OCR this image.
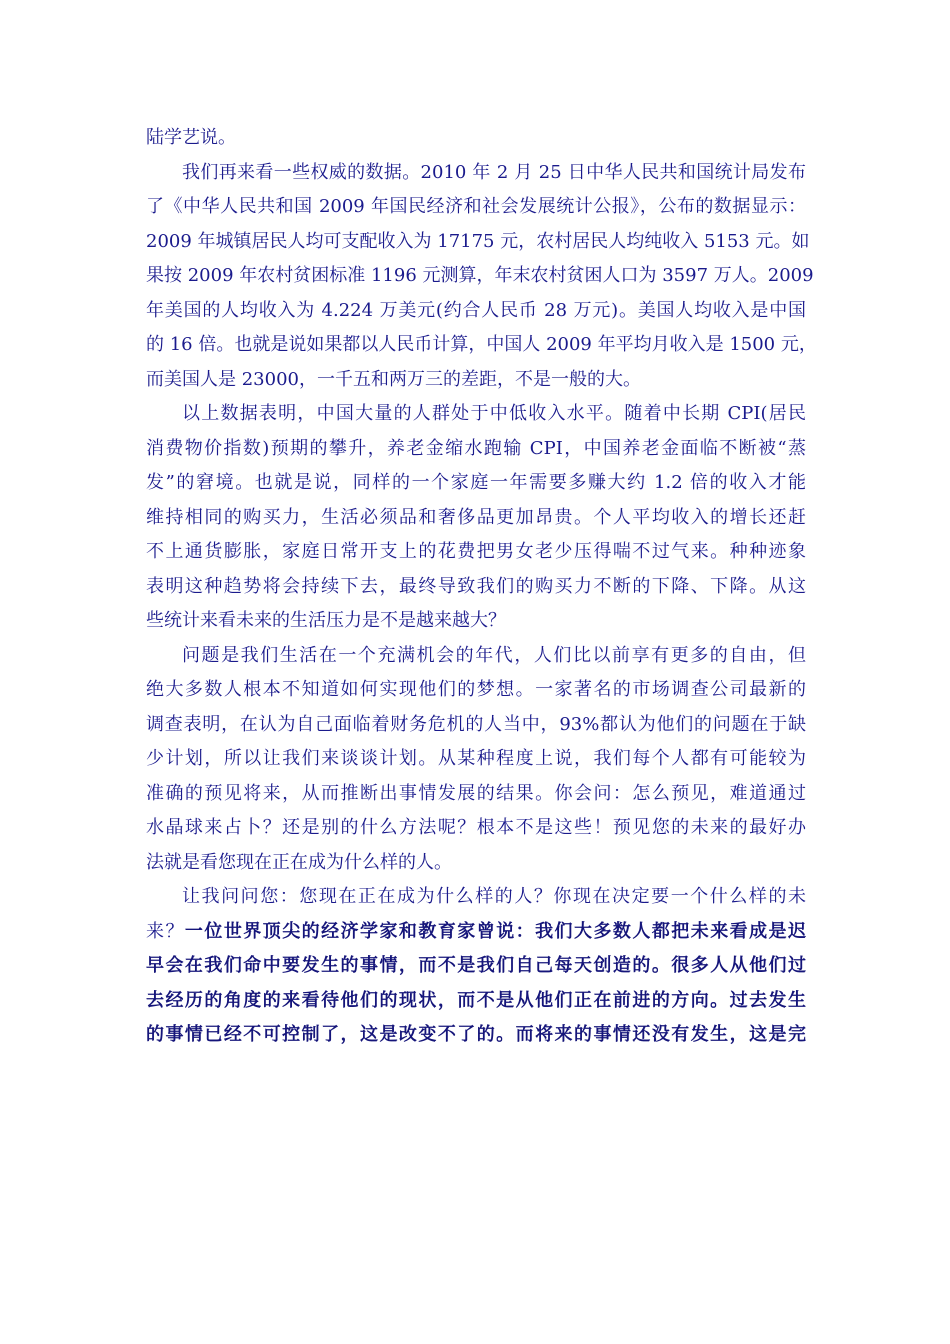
陆学艺说。
我们再来看一些权威的数据。2010 年 2 月 25 日中华人民共和国统计局发布
了《中华人民共和国 2009 年国民经济和社会发展统计公报》，公布的数据显示：
2009 年城镇居民人均可支配收入为 17175 元，农村居民人均纯收入 5153 元。如
果按 2009 年农村贫困标准 1196 元测算，年末农村贫困人口为 3597 万人。2009
年美国的人均收入为 4.224 万美元(约合人民币 28 万元)。美国人均收入是中国
的 16 倍。也就是说如果都以人民币计算，中国人 2009 年平均月收入是 1500 元，
而美国人是 23000，一千五和两万三的差距，不是一般的大。
以上数据表明，中国大量的人群处于中低收入水平。随着中长期 CPI(居民
消费物价指数)预期的攀升，养老金缩水跑输 CPI，中国养老金面临不断被“蒸
发”的窘境。也就是说，同样的一个家庭一年需要多赚大约 1.2 倍的收入才能
维持相同的购买力，生活必须品和奢侈品更加昂贵。个人平均收入的增长还赶
不上通货膨胀，家庭日常开支上的花费把男女老少压得喘不过气来。种种迹象
表明这种趋势将会持续下去，最终导致我们的购买力不断的下降、下降。从这
些统计来看未来的生活压力是不是越来越大？
问题是我们生活在一个充满机会的年代，人们比以前享有更多的自由，但
绝大多数人根本不知道如何实现他们的梦想。一家著名的市场调查公司最新的
调查表明，在认为自己面临着财务危机的人当中，93%都认为他们的问题在于缺
少计划，所以让我们来谈谈计划。从某种程度上说，我们每个人都有可能较为
准确的预见将来，从而推断出事情发展的结果。你会问：怎么预见，难道通过
水晶球来占卜？还是别的什么方法呢？根本不是这些！预见您的未来的最好办
法就是看您现在正在成为什么样的人。
让我问问您：您现在正在成为什么样的人？你现在决定要一个什么样的未
来？一位世界顶尖的经济学家和教育家曾说：我们大多数人都把未来看成是迟
早会在我们命中要发生的事情，而不是我们自己每天创造的。很多人从他们过
去经历的角度的来看待他们的现状，而不是从他们正在前进的方向。过去发生
的事情已经不可控制了，这是改变不了的。而将来的事情还没有发生，这是完
